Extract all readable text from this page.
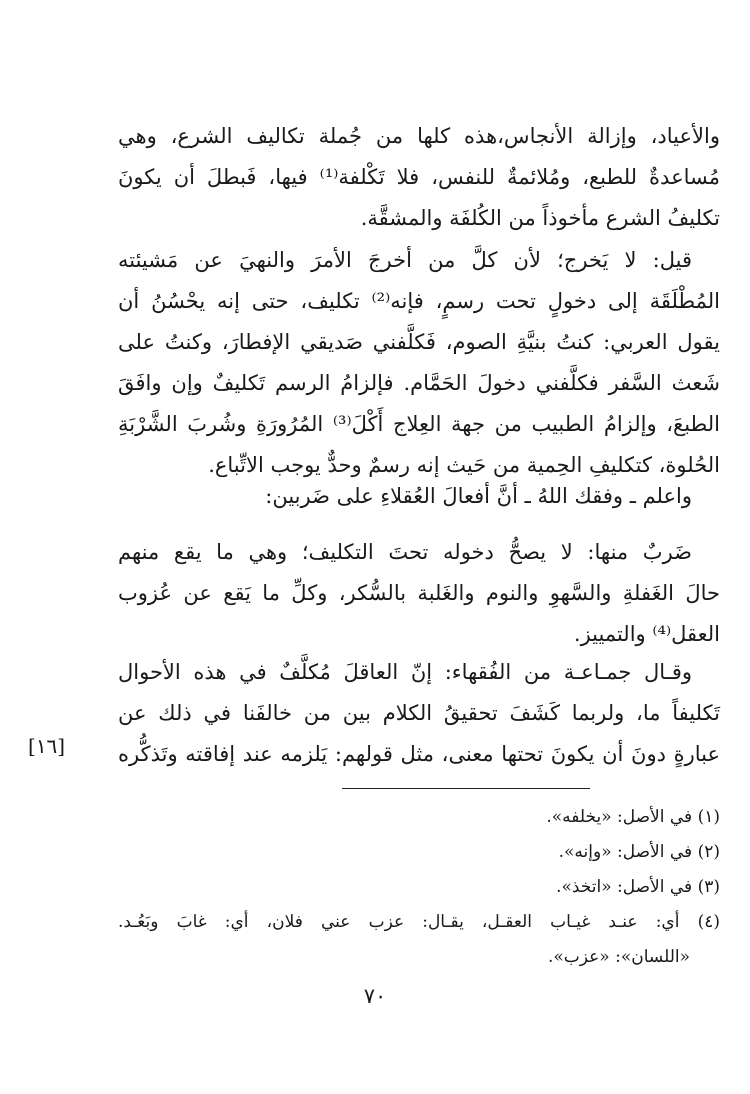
والأعياد، وإزالة الأنجاس،هذه كلها من جُملة تكاليف الشرع، وهي
مُساعدةٌ للطبع، ومُلائمةٌ للنفس، فلا تَكْلفة⁽¹⁾ فيها، فَبطلَ أن يكونَ
تكليفُ الشرع مأخوذاً من الكُلفَة والمشقَّة.
قيل: لا يَخرج؛ لأن كلَّ من أخرجَ الأمرَ والنهيَ عن مَشيئته
المُطْلَقَة إلى دخولٍ تحت رسمٍ، فإنه⁽²⁾ تكليف، حتى إنه يحْسُنُ أن
يقول العربي: كنتُ بنيَّةِ الصوم، فَكلَّفني صَديقي الإفطارَ، وكنتُ على
شَعث السَّفر فكلَّفني دخولَ الحَمَّام. فإلزامُ الرسم تَكليفٌ وإن وافَقَ
الطبعَ، وإلزامُ الطبيب من جهة العِلاج أَكْلَ⁽³⁾ المُرُورَةِ وشُربَ الشَّرْبَةِ
الحُلوة، كتكليفِ الحِمية من حَيث إنه رسمٌ وحدٌّ يوجب الاتِّباع.
واعلم ـ وفقك اللهُ ـ أنَّ أفعالَ العُقلاءِ على ضَربين:
ضَربٌ منها: لا يصحُّ دخوله تحتَ التكليف؛ وهي ما يقع منهم
حالَ الغَفلةِ والسَّهوِ والنوم والغَلبة بالسُّكر، وكلِّ ما يَقع عن عُزوب
العقل⁽⁴⁾ والتمييز.
وقـال جمـاعـة من الفُقهاء: إنّ العاقلَ مُكلَّفٌ في هذه الأحوال
تَكليفاً ما، ولربما كَشَفَ تحقيقُ الكلام بين من خالفَنا في ذلك عن
عبارةٍ دونَ أن يكونَ تحتها معنى، مثل قولهم: يَلزمه عند إفاقته وتَذكُّره
[١٦]
(١) في الأصل: «يخلفه».
(٢) في الأصل: «وإنه».
(٣) في الأصل: «اتخذ».
(٤) أي: عنـد غيـاب العقـل، يقـال: عزب عني فلان، أي: غابَ وبَعُـد.
«اللسان»: «عزب».
٧٠
